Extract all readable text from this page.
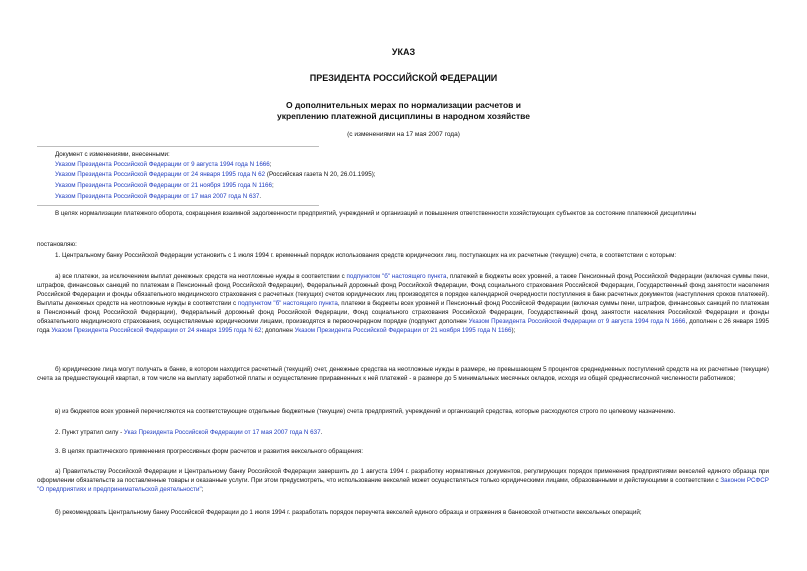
УКАЗ
ПРЕЗИДЕНТА РОССИЙСКОЙ ФЕДЕРАЦИИ
О дополнительных мерах по нормализации расчетов и
укреплению платежной дисциплины в народном хозяйстве
(с изменениями на 17 мая 2007 года)
Документ с изменениями, внесенными:
Указом Президента Российской Федерации от 9 августа 1994 года N 1666;
Указом Президента Российской Федерации от 24 января 1995 года N 62 (Российская газета N 20, 26.01.1995);
Указом Президента Российской Федерации от 21 ноября 1995 года N 1166;
Указом Президента Российской Федерации от 17 мая 2007 года N 637.
В целях нормализации платежного оборота, сокращения взаимной задолженности предприятий, учреждений и организаций и повышения ответственности хозяйствующих субъектов за состояние платежной дисциплины
постановляю:
1. Центральному банку Российской Федерации установить с 1 июля 1994 г. временный порядок использования средств юридических лиц, поступающих на их расчетные (текущие) счета, в соответствии с которым:
а) все платежи, за исключением выплат денежных средств на неотложные нужды в соответствии с подпунктом "б" настоящего пункта, платежей в бюджеты всех уровней, а также Пенсионный фонд Российской Федерации (включая суммы пени, штрафов, финансовых санкций по платежам в Пенсионный фонд Российской Федерации), Федеральный дорожный фонд Российской Федерации, Фонд социального страхования Российской Федерации, Государственный фонд занятости населения Российской Федерации и фонды обязательного медицинского страхования с расчетных (текущих) счетов юридических лиц производятся в порядке календарной очередности поступления в банк расчетных документов (наступления сроков платежей). Выплаты денежных средств на неотложные нужды в соответствии с подпунктом "б" настоящего пункта, платежи в бюджеты всех уровней и Пенсионный фонд Российской Федерации (включая суммы пени, штрафов, финансовых санкций по платежам в Пенсионный фонд Российской Федерации), Федеральный дорожный фонд Российской Федерации, Фонд социального страхования Российской Федерации, Государственный фонд занятости населения Российской Федерации и фонды обязательного медицинского страхования, осуществляемые юридическими лицами, производятся в первоочередном порядке (подпункт дополнен Указом Президента Российской Федерации от 9 августа 1994 года N 1666, дополнен с 26 января 1995 года Указом Президента Российской Федерации от 24 января 1995 года N 62; дополнен Указом Президента Российской Федерации от 21 ноября 1995 года N 1166);
б) юридические лица могут получать в банке, в котором находится расчетный (текущий) счет, денежные средства на неотложные нужды в размере, не превышающем 5 процентов среднедневных поступлений средств на их расчетные (текущие) счета за предшествующий квартал, в том числе на выплату заработной платы и осуществление приравненных к ней платежей - в размере до 5 минимальных месячных окладов, исходя из общей среднесписочной численности работников;
в) из бюджетов всех уровней перечисляются на соответствующие отдельные бюджетные (текущие) счета предприятий, учреждений и организаций средства, которые расходуются строго по целевому назначению.
2. Пункт утратил силу - Указ Президента Российской Федерации от 17 мая 2007 года N 637.
3. В целях практического применения прогрессивных форм расчетов и развития вексельного обращения:
а) Правительству Российской Федерации и Центральному банку Российской Федерации завершить до 1 августа 1994 г. разработку нормативных документов, регулирующих порядок применения предприятиями векселей единого образца при оформлении обязательств за поставленные товары и оказанные услуги. При этом предусмотреть, что использование векселей может осуществляться только юридическими лицами, образованными и действующими в соответствии с Законом РСФСР "О предприятиях и предпринимательской деятельности";
б) рекомендовать Центральному банку Российской Федерации до 1 июля 1994 г. разработать порядок переучета векселей единого образца и отражения в банковской отчетности вексельных операций;
